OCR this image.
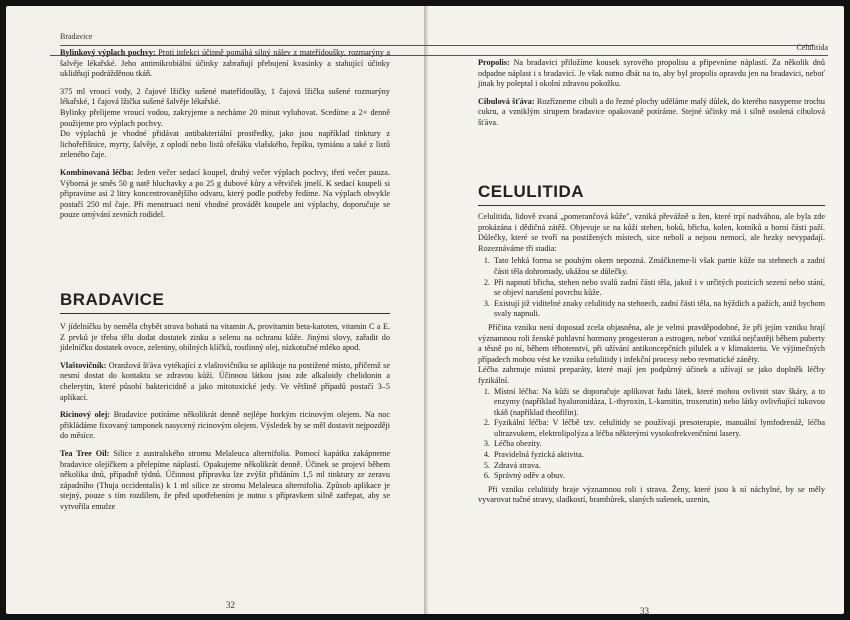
Bradavice

Bylinkový výplach pochvy: Proti infekci účinně pomáhá silný nálev z mateřídoušky, rozmarýny a šalvěje lékařské. Jeho antimikrobiální účinky zabraňují přebujení kvasinky a stahující účinky uklidňují podrážděnou tkáň.

375 ml vroucí vody, 2 čajové lžičky sušené mateřídoušky, 1 čajová lžička sušené rozmarýny lékařské, 1 čajová lžička sušené šalvěje lékařské.

Bylinky přelijeme vroucí vodou, zakryjeme a necháme 20 minut vyluhovat. Scedíme a 2× denně použijeme pro výplach pochvy.

Do výplachů je vhodné přidávat antibakteriální prostředky, jako jsou například tinktury z lichořeřišnice, myrty, šalvěje, z oplodí nebo listů ořešáku vlašského, řepíku, tymiánu a také z listů zeleného čaje.

Kombinovaná léčba: Jeden večer sedací koupel, druhý večer výplach pochvy, třetí večer pauza. Výborná je směs 50 g natě hluchavky a po 25 g dubové kůry a větviček jmelí. K sedací koupeli si připravíme asi 2 litry koncentrovanějšího odvaru, který podle potřeby ředíme. Na výplach obvykle postačí 250 ml čaje. Při menstruaci není vhodné provádět koupele ani výplachy, doporučuje se pouze omývání zevních rodidel.

BRADAVICE

V jídelníčku by neměla chybět strava bohatá na vitamin A, provitamin beta-karoten, vitamin C a E. Z prvků je třeba tělu dodat dostatek zinku a selenu na ochranu kůže. Jinými slovy, zařadit do jídelníčku dostatek ovoce, zeleniny, obilných klíčků, rostlinný olej, nízkotučné mléko apod.

Vlaštovičník: Oranžová šťáva vytékající z vlaštovičníku se aplikuje na postižené místo, přičemž se nesmí dostat do kontaktu se zdravou kůží. Účinnou látkou jsou zde alkaloidy chelidonin a chelerytin, které působí baktericidně a jako mitotoxické jedy. Ve většině případů postačí 3–5 aplikací.

Ricinový olej: Bradavice potíráme několikrát denně nejlépe horkým ricinovým olejem. Na noc přikládáme fixovaný tamponek nasycený ricinovým olejem. Výsledek by se měl dostavit nejpozději do měsíce.

Tea Tree Oil: Silice z australského stromu Melaleuca alternifolia. Pomocí kapátka zakápneme bradavice olejíčkem a přelepíme náplastí. Opakujeme několikrát denně. Účinek se projeví během několika dnů, případně týdnů. Účinnost přípravku lze zvýšit přidáním 1,5 ml tinktury ze zeravu západního (Thuja occidentalis) k 1 ml silice ze stromu Melaleuca alternifolia. Způsob aplikace je stejný, pouze s tím rozdílem, že před upotřebením je nutno s přípravkem silně zatřepat, aby se vytvořila emulze

32
Celulitida

Propolis: Na bradavici přiložíme kousek syrového propolisu a připevníme náplastí. Za několik dnů odpadne náplast i s bradavicí. Je však nutno dbát na to, aby byl propolis opravdu jen na bradavici, neboť jinak by poleptal i okolní zdravou pokožku.

Cibulová šťáva: Rozřízneme cibuli a do řezné plochy uděláme malý důlek, do kterého nasypeme trochu cukru, a vzniklým sirupem bradavice opakovaně potíráme. Stejné účinky má i silně osolená cibulová šťáva.

CELULITIDA

Celulitida, lidově zvaná „pomerančová kůže", vzniká převážně u žen, které trpí nadváhou, ale byla zde prokázána i dědičná zátěž. Objevuje se na kůži stehen, boků, břicha, kolen, kotníků a horní části paží. Důlečky, které se tvoří na postižených místech, sice nebolí a nejsou nemocí, ale hezky nevypadají. Rozeznáváme tři stadia:

1. Tato lehká forma se pouhým okem nepozná. Zmáčkneme-li však partie kůže na stehnech a zadní části těla dohromady, ukážou se důlečky.
2. Při napnutí břicha, stehen nebo svalů zadní části těla, jakož i v určitých pozicích sezení nebo stání, se objeví narušení povrchu kůže.
3. Existují již viditelné znaky celulitidy na stehnech, zadní části těla, na hýždích a pažích, aniž bychom svaly napnuli.

Příčina vzniku není doposud zcela objasněna, ale je velmi pravděpodobné, že při jejím vzniku hrají významnou roli ženské pohlavní hormony progesteron a estrogen, neboť vzniká nejčastěji během puberty a těsně po ní, během těhotenství, při užívání antikoncepčních pilulek a v klimakteriu. Ve výjimečných případech mohou vést ke vzniku celulitidy i infekční procesy nebo revmatické záněty.

Léčba zahrnuje místní preparáty, které mají jen podpůrný účinek a užívají se jako doplněk léčby fyzikální.

1. Místní léčba: Na kůži se doporučuje aplikovat řadu látek, které mohou ovlivnit stav škáry, a to enzymy (například hyaluronidáza, L-thyroxin, L-karnitin, troxerutin) nebo látky ovlivňující tukovou tkáň (například theofilin).
2. Fyzikální léčba: V léčbě tzv. celulitidy se používají presoterapie, manuální lymfodrenáž, léčba ultrazvukem, elektrolipolýza a léčba některými vysokofrekvenčními lasery.
3. Léčba obezity.
4. Pravidelná fyzická aktivita.
5. Zdravá strava.
6. Správný oděv a obuv.

Při vzniku celulitidy hraje významnou roli i strava. Ženy, které jsou k ní náchylné, by se měly vyvarovat tučné stravy, sladkostí, brambůrek, slaných sušenek, uzenin,

33
